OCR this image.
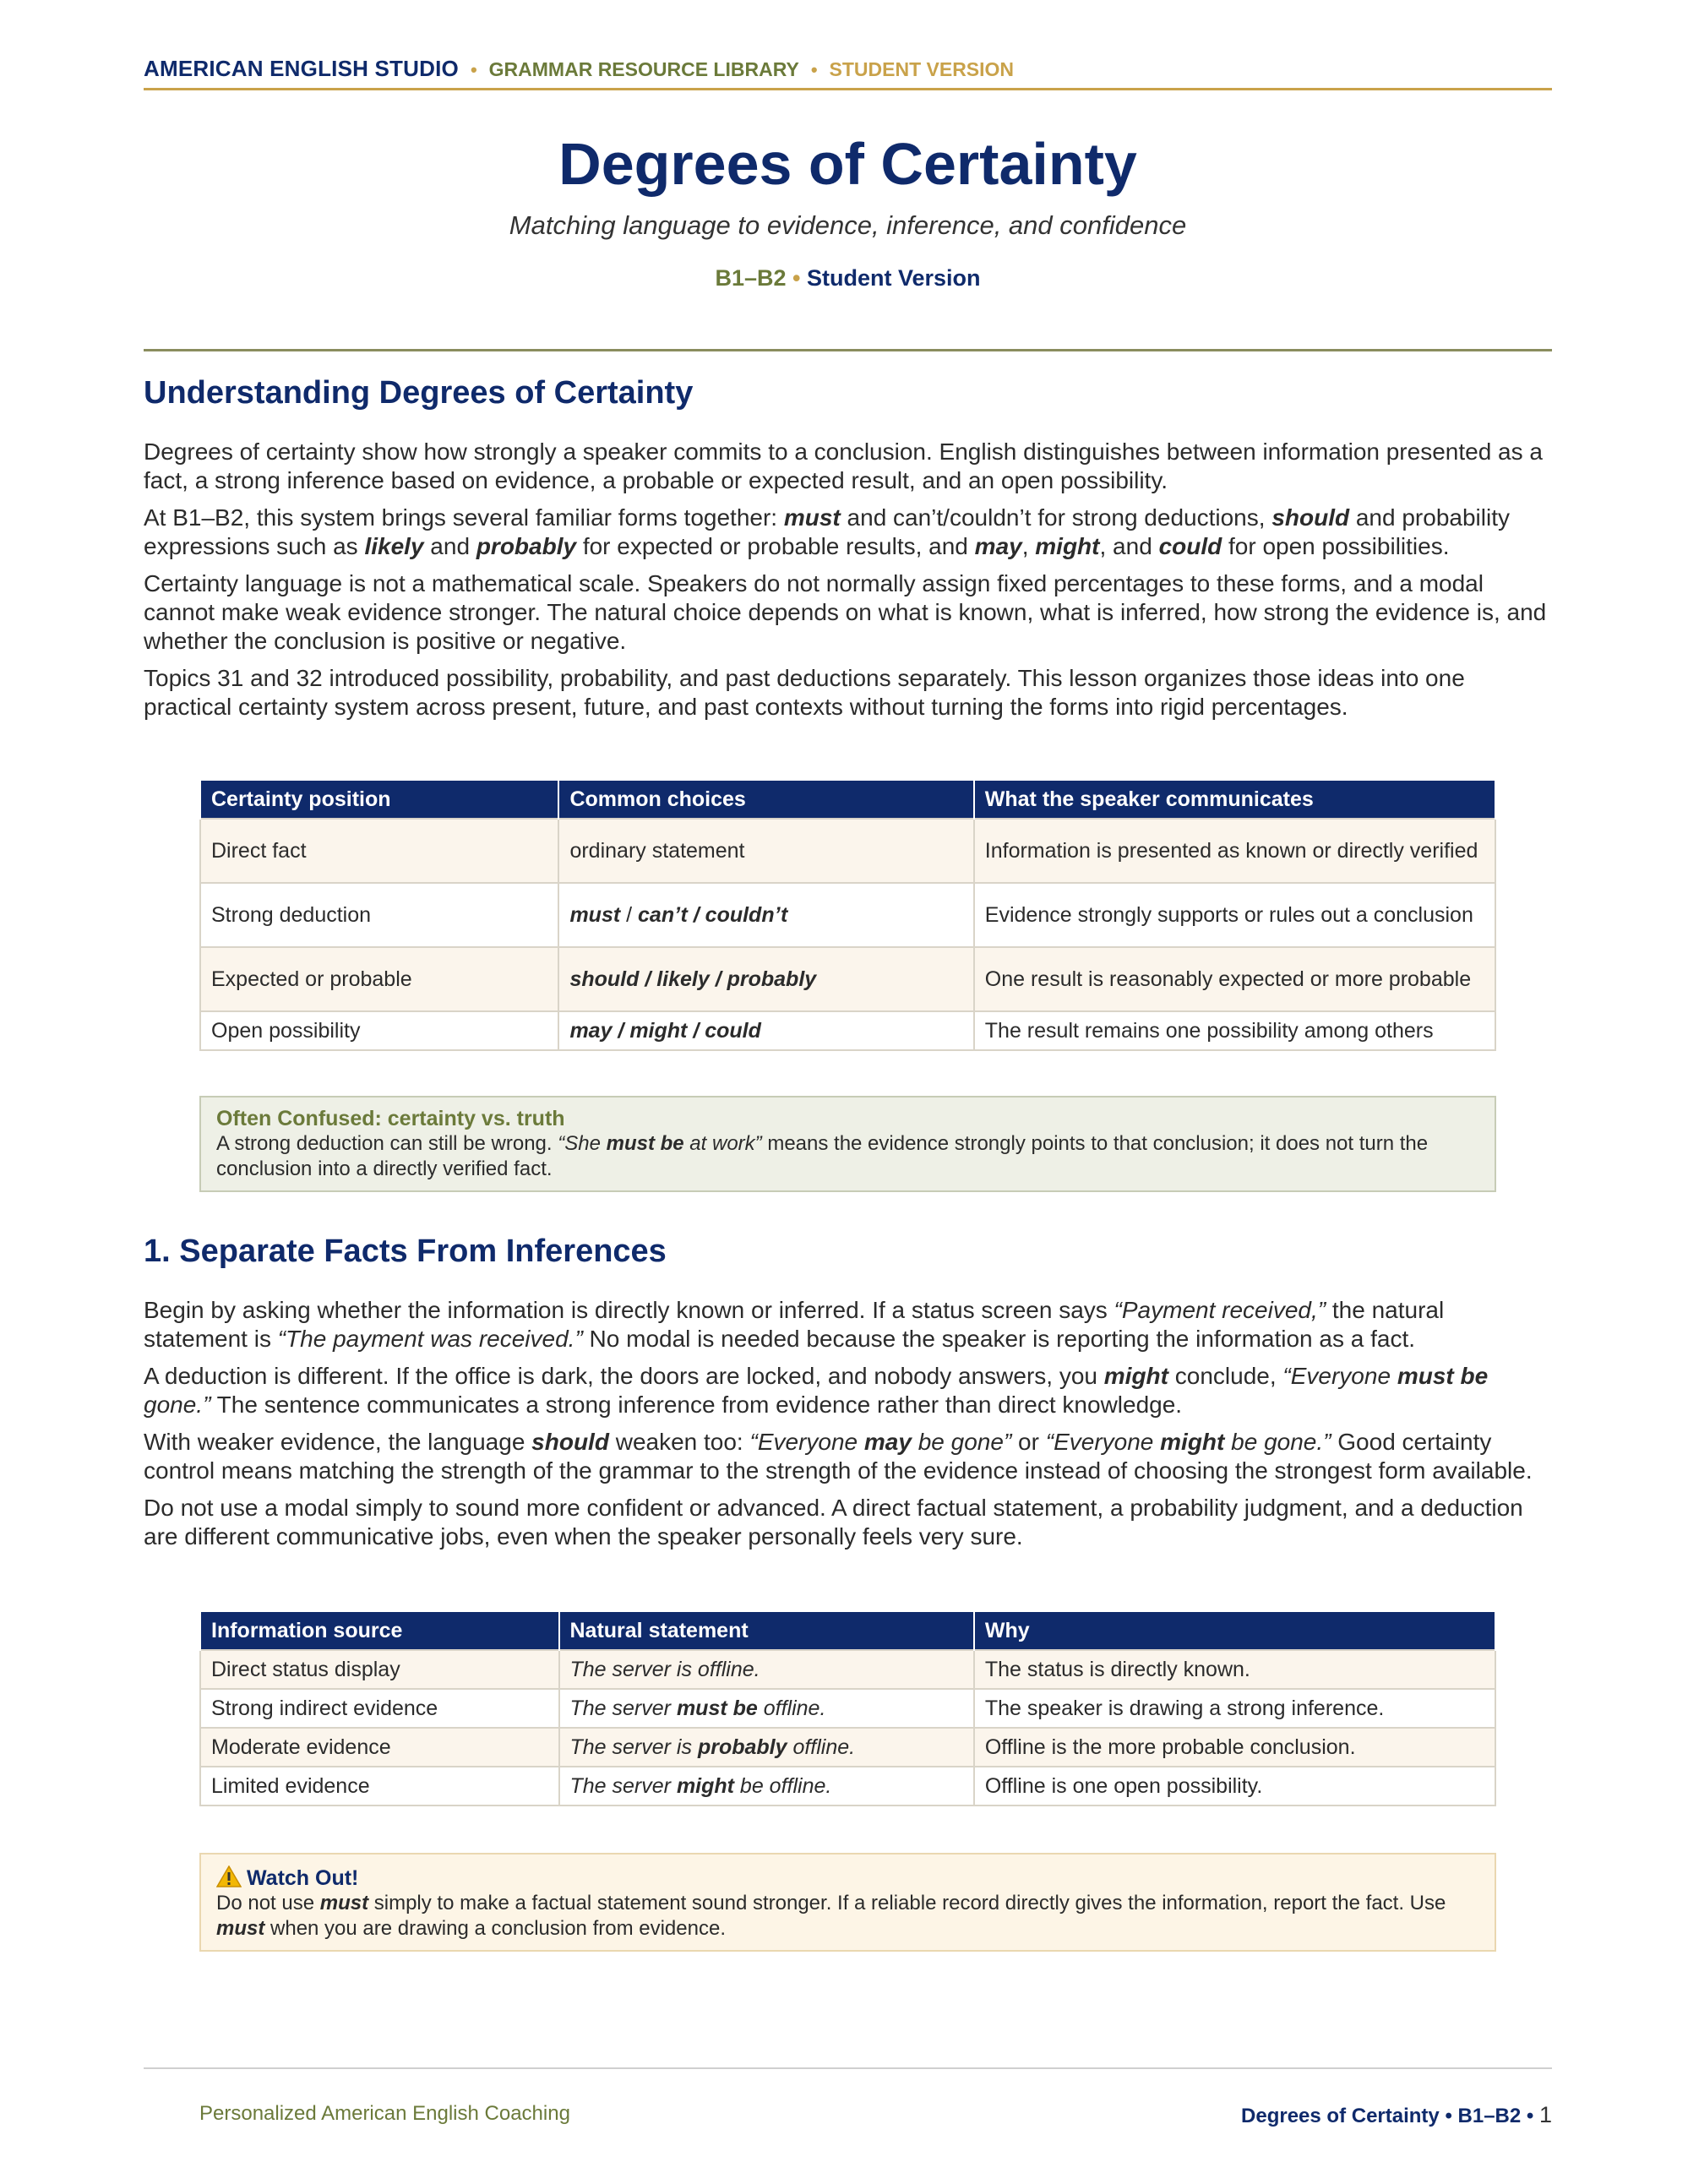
AMERICAN ENGLISH STUDIO • GRAMMAR RESOURCE LIBRARY • STUDENT VERSION
Degrees of Certainty
Matching language to evidence, inference, and confidence
B1–B2 • Student Version
Understanding Degrees of Certainty

Degrees of certainty show how strongly a speaker commits to a conclusion. English distinguishes between information presented as a fact, a strong inference based on evidence, a probable or expected result, and an open possibility.

At B1–B2, this system brings several familiar forms together: must and can’t/couldn’t for strong deductions, should and probability expressions such as likely and probably for expected or probable results, and may, might, and could for open possibilities.

Certainty language is not a mathematical scale. Speakers do not normally assign fixed percentages to these forms, and a modal cannot make weak evidence stronger. The natural choice depends on what is known, what is inferred, how strong the evidence is, and whether the conclusion is positive or negative.

Topics 31 and 32 introduced possibility, probability, and past deductions separately. This lesson organizes those ideas into one practical certainty system across present, future, and past contexts without turning the forms into rigid percentages.

Certainty position	Common choices	What the speaker communicates
Direct fact	ordinary statement	Information is presented as known or directly verified
Strong deduction	must / can’t / couldn’t	Evidence strongly supports or rules out a conclusion
Expected or probable	should / likely / probably	One result is reasonably expected or more probable
Open possibility	may / might / could	The result remains one possibility among others
Often Confused: certainty vs. truth
A strong deduction can still be wrong. “She must be at work” means the evidence strongly points to that conclusion; it does not turn the conclusion into a directly verified fact.
1. Separate Facts From Inferences

Begin by asking whether the information is directly known or inferred. If a status screen says “Payment received,” the natural statement is “The payment was received.” No modal is needed because the speaker is reporting the information as a fact.

A deduction is different. If the office is dark, the doors are locked, and nobody answers, you might conclude, “Everyone must be gone.” The sentence communicates a strong inference from evidence rather than direct knowledge.

With weaker evidence, the language should weaken too: “Everyone may be gone” or “Everyone might be gone.” Good certainty control means matching the strength of the grammar to the strength of the evidence instead of choosing the strongest form available.

Do not use a modal simply to sound more confident or advanced. A direct factual statement, a probability judgment, and a deduction are different communicative jobs, even when the speaker personally feels very sure.

Information source	Natural statement	Why
Direct status display	The server is offline.	The status is directly known.
Strong indirect evidence	The server must be offline.	The speaker is drawing a strong inference.
Moderate evidence	The server is probably offline.	Offline is the more probable conclusion.
Limited evidence	The server might be offline.	Offline is one open possibility.
Watch Out!
Do not use must simply to make a factual statement sound stronger. If a reliable record directly gives the information, report the fact. Use must when you are drawing a conclusion from evidence.
Personalized American English Coaching	Degrees of Certainty • B1–B2 • 1
